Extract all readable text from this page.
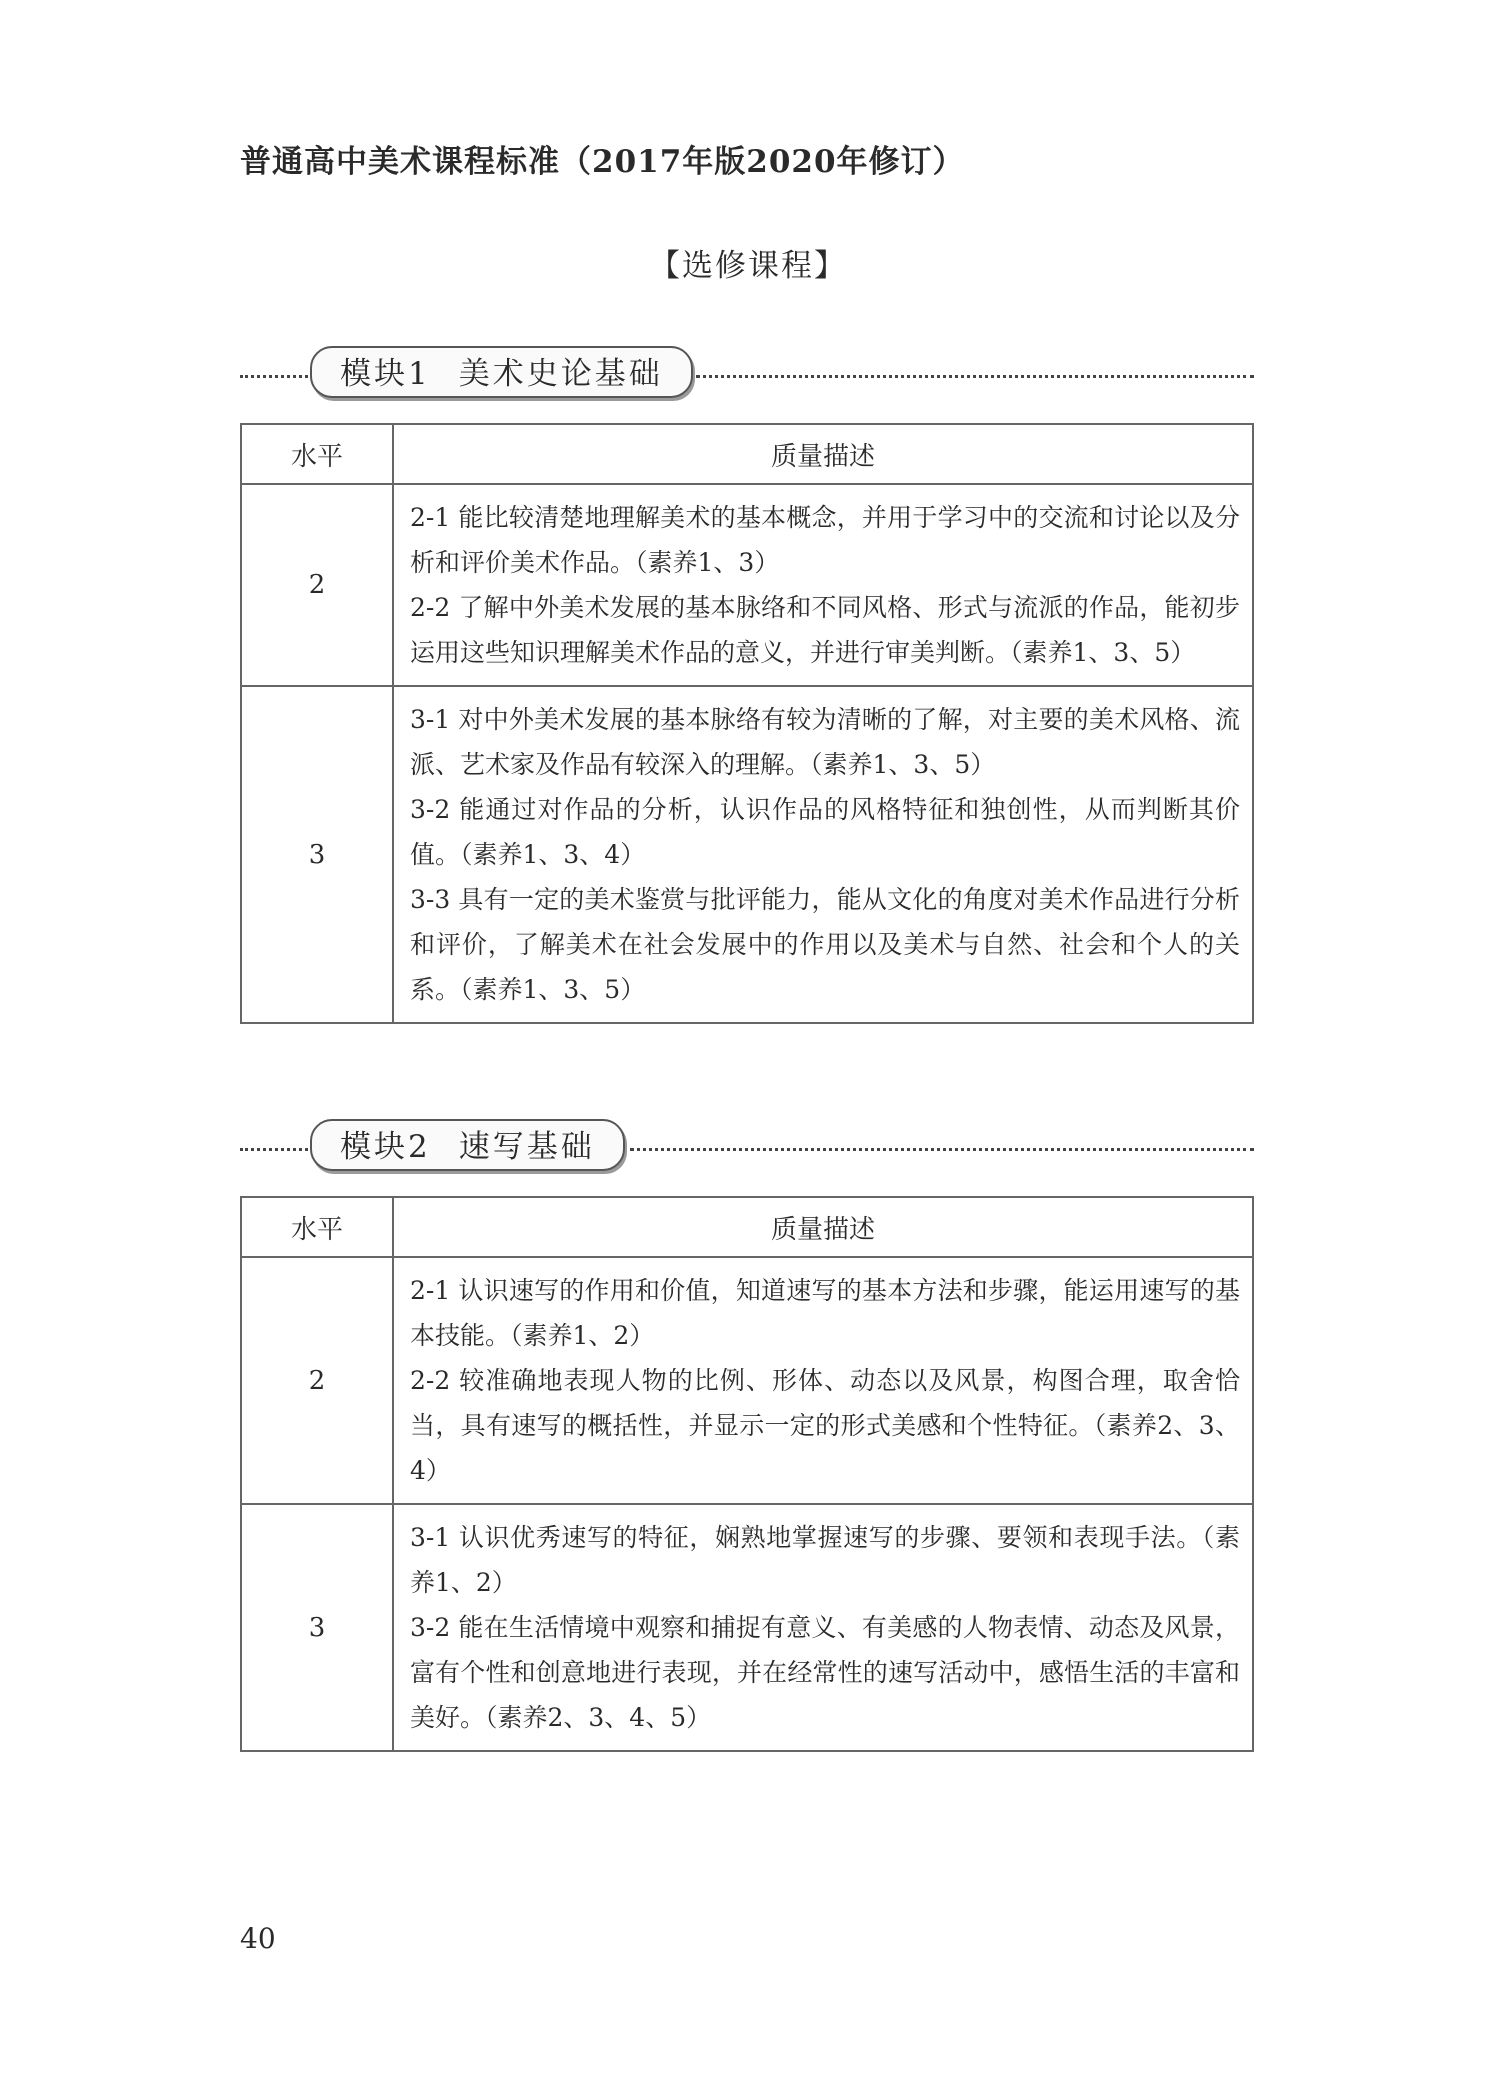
普通高中美术课程标准（2017年版2020年修订）
【选修课程】
模块1 美术史论基础
水平	质量描述
2	2-1 能比较清楚地理解美术的基本概念，并用于学习中的交流和讨论以及分析和评价美术作品。（素养1、3）

2-2 了解中外美术发展的基本脉络和不同风格、形式与流派的作品，能初步运用这些知识理解美术作品的意义，并进行审美判断。（素养1、3、5）

3	3-1 对中外美术发展的基本脉络有较为清晰的了解，对主要的美术风格、流派、艺术家及作品有较深入的理解。（素养1、3、5）

3-2 能通过对作品的分析，认识作品的风格特征和独创性，从而判断其价值。（素养1、3、4）

3-3 具有一定的美术鉴赏与批评能力，能从文化的角度对美术作品进行分析和评价，了解美术在社会发展中的作用以及美术与自然、社会和个人的关系。（素养1、3、5）

模块2 速写基础
水平	质量描述
2	2-1 认识速写的作用和价值，知道速写的基本方法和步骤，能运用速写的基本技能。（素养1、2）

2-2 较准确地表现人物的比例、形体、动态以及风景，构图合理，取舍恰当，具有速写的概括性，并显示一定的形式美感和个性特征。（素养2、3、4）

3	3-1 认识优秀速写的特征，娴熟地掌握速写的步骤、要领和表现手法。（素养1、2）

3-2 能在生活情境中观察和捕捉有意义、有美感的人物表情、动态及风景，富有个性和创意地进行表现，并在经常性的速写活动中，感悟生活的丰富和美好。（素养2、3、4、5）

40
